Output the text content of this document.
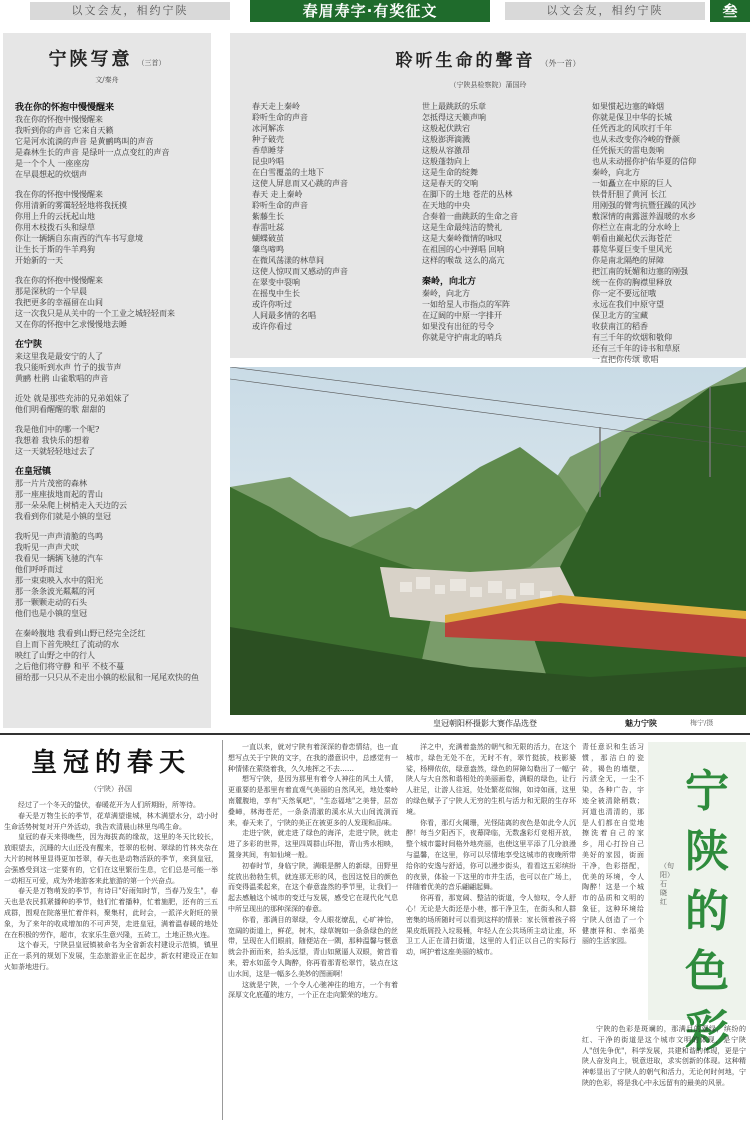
以文会友，相约宁陕	春眉寿字·有奖征文	以文会友，相约宁陕	叁
宁陕写意 （三首）
文/秦舟
我在你的怀抱中慢慢醒来
我在你的怀抱中慢慢醒来
我听到你的声音 它来自天籁
它是河水流淌的声音 是黄鹂鸣叫的声音
是森林生长的声音 是绿叶一点点变红的声音
是一个个人 一座座房
在早晨想起的炊烟声
我在你的怀抱中慢慢醒来
你用清新的雾霭轻轻地将我抚摸
你用上升的云抚起山地
你用木枝拨石头和绿草
你让一辆辆自东南西的汽车书写意境
让生长于斯的牛羊鸡狗
开始新的一天
我在你的怀抱中慢慢醒来
那是深秋的一个早晨
我把更多的幸福留在山间
这一次我只是从关中的一个工业之城轻轻而来
又在你的怀抱中乞求慢慢地去睡
在宁陕
来这里我是最安宁的人了
我只能听到水声 竹子的拔节声
黄鹂 杜鹃 山雀歌唱的声音
近处 就是那些充沛的兄弟姐妹了
他们明看醒醒的歌 甜甜的
我是他们中的哪一个呢?
我想着 我快乐的想着
这一天就轻轻地过去了
在皇冠镇
那一片片茂密的森林
那一座座拔地而起的青山
那一朵朵爬上树梢走入天边的云
我看到你们就是小镇的皇冠
我听见一声声清脆的鸟鸣
我听见一声声犬吠
我看见一辆辆飞驰的汽车
他们呼呼而过
那一束束映入水中的阳光
那一条条波光粼粼的河
那一颗颗走动的石头
他们也是小镇的皇冠
在秦岭腹地 我看到山野已经完全泛红
自上而下首先映红了流动的水
映红了山野之中的行人
之后他们将守静 和平 不枝不蔓
留给那一只只从不走出小镇的松鼠和一尾尾欢快的鱼
聆听生命的聲音 （外一首）
（宁陕县检察院）蒲国玲
春天走上秦岭
聆听生命的声音
冰河解冻
种子破壳
香草睡芽
昆虫吟唱
在白雪覆盖的土地下
这使人屏息而又心跳的声音
春天 走上秦岭
聆听生命的声音
紫藤生长
春雷吐蕊
蝴蝶破茧
肇鸟啼鸣
在微风荡漾的林草间
这使人惊叹而又感动的声音
在翠变中裂响
在摇曳中生长
或许你听过
人间最多情的名唱
或许你看过
世上最跳跃的乐章
怎抵得这天籁声响
这般起伏跌宕
这般澎湃滴溅
这般从容激昂
这般蓬勃向上
这是生命的绽舞
这是春天的交响
在脚下的土地 苍茫的丛林
在天地的中央
合奏着一曲跳跃的生命之音
这是生命最纯洁的赞礼
这是大秦岭微情的咏叹
在祖国的心中弹唱 回响
这样的喉哉 这么的高亢
秦岭，向北方
秦岭，向北方
一如给星人市指点的军阵
在辽阔的中原一字排开
如果没有出征的号令
你就是守护南北的哨兵
如果惯起边塞的峰烟
你就是保卫中华的长城
任凭西北的风吹打千年
也从未改变你冷峻的脊颜
任凭振天的雷电轰响
也从未动摇你护佑华夏的信仰
秦岭，向北方
一如矗立在中原的巨人
铁骨肝胆了黄河 长江
用刚强的臂弯抗暨狂躁的风沙
敷深情的南露滋养温暖的水乡
你栏立在南北的分水岭上
朝看由巅起伏云海苍茫
暮览华夏巨变千里风光
你是南北隔绝的屏障
把江南的妩媚和边塞的刚强
统一在你的胸襟里释放
你一定不要远征哦
永远在我们中原守望
保卫北方的宝藏
收获南江的稻香
有三千年的炊烟和敬仰
还有三千年的诗书和草原
一直把你传颂 歌唱
皇冠朝阳杯摄影大赛作品选登	魅力宁陕	梅宁/摄
皇冠的春天
（宁陕）孙国
经过了一个冬天的蛰伏，春暖花开为人们所期盼，所等待。
春天是万物生长的季节，花草满望谁城，林木满望水分，动小时生命活势树复对开户外活动，我告欢清晨山林里鸟鸣生命。
皇冠的春天来得晚些，因为海拔高的缘故，这里的冬天比较长，放眼望去，沉睡的大山还没有醒来，苍翠的松树、翠绿的竹林夹杂在大片的树林里显得更加苍翠，春天也是动物活跃的季节，来到皇冠，会强感受到这一定要有的，它们在这里繁衍生息，它们总是可能一举一动相互可爱，成为外地游客来此旅游的第一个兴奋点。
春天是万物萌发的季节，有诗曰"好雨知时节，当春乃发生"，春天也是农民抓紧播种的季节，他们忙着播种，忙着施肥，还有的三五成群，围观在院落里忙着伴料，聚集村，此时会，一派洋火附旺的景象，为了来年的收成增加的不可声哭，走进皇冠，满着温春暖的地处在在积极的劳作，超市，农家乐生意兴隆，五砖工，土地正热火连。
这个春天，宁陕县皇冠镇被命名为全省新农村建设示范镇，镇里正在一系列的规划下发展，生态旅游业正在起步，新农村建设正在如火如荼地进行。
一直以来，就对宁陕有着深深的眷恋情结，也一直想写点关于宁陕的文字，在我的潜意识中，总感觉有一种情愫在萦绕着我，久久地挥之不去……
想写宁陕，是因为那里有着令人神往的风土人情，更重要的是那里有着直观气美丽的自然风光，地处秦岭南麓腹地，享有"天然氧吧"，"生态福地"之美誉，层峦叠嶂，林海苍茫，一条条清澈的溪水从大山间流淌而来，春天来了，宁陕的美正在被更多的人发现和品味。
走进宁陕，就走进了绿色的海洋，走进宁陕，就走进了多彩的世界，这里四周群山环抱，青山秀水相映，置身其间，有如仙境一般。
初春时节，身临宁陕，满眼是醉人的新绿，田野里绽放出勃勃生机，就连那无形的风，也因这悦目的颜色而变得温柔起来，在这个春意盎然的季节里，让我们一起去感触这个城市的变迁与发展，感受它在现代化气息中所呈现出的那种深深的春意。
你看，那满目的翠绿，令人眼花缭乱，心旷神怡，宽阔的街道上，鲜花，树木，绿草婉如一条条绿色的丝带，呈现在人们眼前，随便站在一隅，那种温馨与惬意就会扑面而来，抬头远望，青山如黛逼人双眼，俯首看来，碧水如蓝令人陶醉，你再看那青松翠竹，装点在这山水间，这是一幅多么美妙的图画啊！
这就是宁陕，一个令人心驰神往的地方，一个有着深厚文化底蕴的地方，一个正在走向繁荣的地方。
洋之中，充满着盎然的朝气和无限的活力，在这个城市，绿色无处不在，无时不有，翠竹挺拔，枝影婆娑，杨柳依依，绿意盎然，绿色的屏障勾勒出了一幅宁陕人与大自然和谐相处的美丽画卷，满眼的绿色，让行人驻足，让游人往返，处处繁花似锦，如诗如画，这里的绿色赋予了宁陕人无穷的生机与活力和无限的生存环境。
你看，那灯火阑珊，光怪陆离的夜色是如此令人沉醉！每当夕阳西下，夜幕降临，无数盏彩灯竞相开放，整个城市霎时间格外地亮丽，也使这里平添了几分浪漫与温馨，在这里，你可以尽情地享受这城市的夜晚所带给你的安逸与舒适，你可以漫步街头，看看这五彩缤纷的夜景，体验一下这里的市井生活，也可以在广场上，伴随着优美的音乐翩翩起舞。
你再看，那宽阔、整洁的街道，令人惊叹，令人舒心！无论是大街还是小巷，都干净卫生，在街头和人群密集的场所随时可以看到这样的情景：家长领着孩子将果皮纸屑投入垃圾桶，年轻人在公共场所主动让座，环卫工人正在清扫街道，这里的人们正以自己的实际行动，呵护着这座美丽的城市。
青任意识和生活习惯，那洁白的瓷砖，褐色的墙壁，污渍全无，一尘不染，各种广告，宇迹全被清除稍数；河道也清清的，那是人们都在自觉地擦洗着自己的家乡，用心打扮自己美好的家园，街面干净，色彩搭配，优美的环境，令人陶醉！这是一个城市的品质和文明的象征，这种环境给宁陕人创造了一个健康祥和、幸福美丽的生活家园。
宁陕的色彩
（旬阳）石晓红
宁陕的色彩是斑斓的，那满目的翠绿，缤纷的红、干净的街道是这个城市文明的体现，是宁陕人"创先争优"，科学发展，共建和谐的体现，更是宁陕人奋发向上，锐意进取，求实创新的体现。这种精神彰显出了宁陕人的朝气和活力，无论何时何地，宁陕的色彩，将是我心中永远留有的最美的风景。
